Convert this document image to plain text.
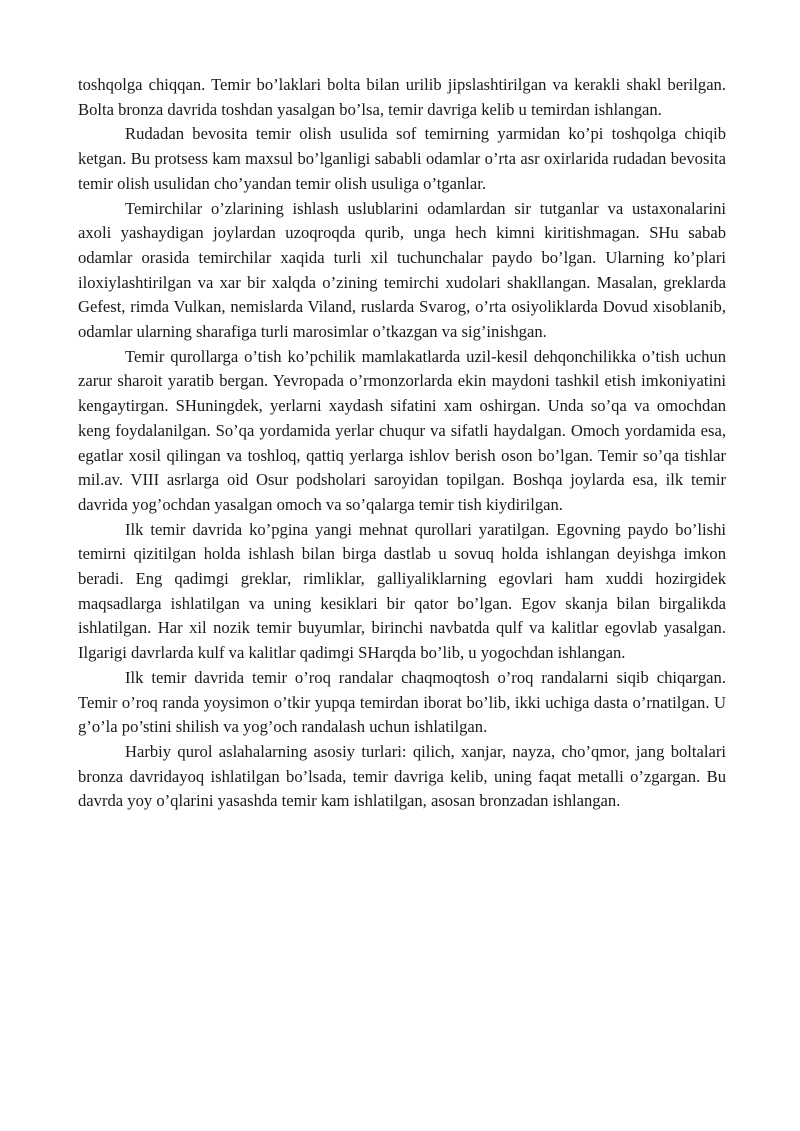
toshqolga chiqqan. Temir bo’laklari bolta bilan urilib jipslashtirilgan va kerakli shakl berilgan. Bolta bronza davrida toshdan yasalgan bo’lsa, temir davriga kelib u temirdan ishlangan.

Rudadan bevosita temir olish usulida sof temirning yarmidan ko’pi toshqolga chiqib ketgan. Bu protsess kam maxsul bo’lganligi sababli odamlar o’rta asr oxirlarida rudadan bevosita temir olish usulidan cho’yandan temir olish usuliga o’tganlar.

Temirchilar o’zlarining ishlash uslublarini odamlardan sir tutganlar va ustaxonalarini axoli yashaydigan joylardan uzoqroqda qurib, unga hech kimni kiritishmagan. SHu sabab odamlar orasida temirchilar xaqida turli xil tuchunchalar paydo bo’lgan. Ularning ko’plari iloxiylashtirilgan va xar bir xalqda o’zining temirchi xudolari shakllangan. Masalan, greklarda Gefest, rimda Vulkan, nemislarda Viland, ruslarda Svarog, o’rta osiyoliklarda Dovud xisoblanib, odamlar ularning sharafiga turli marosimlar o’tkazgan va sig’inishgan.

Temir qurollarga o’tish ko’pchilik mamlakatlarda uzil-kesil dehqonchilikka o’tish uchun zarur sharoit yaratib bergan. Yevropada o’rmonzorlarda ekin maydoni tashkil etish imkoniyatini kengaytirgan. SHuningdek, yerlarni xaydash sifatini xam oshirgan. Unda so’qa va omochdan keng foydalanilgan. So’qa yordamida yerlar chuqur va sifatli haydalgan. Omoch yordamida esa, egatlar xosil qilingan va toshloq, qattiq yerlarga ishlov berish oson bo’lgan. Temir so’qa tishlar mil.av. VIII asrlarga oid Osur podsholari saroyidan topilgan. Boshqa joylarda esa, ilk temir davrida yog’ochdan yasalgan omoch va so’qalarga temir tish kiydirilgan.

Ilk temir davrida ko’pgina yangi mehnat qurollari yaratilgan. Egovning paydo bo’lishi temirni qizitilgan holda ishlash bilan birga dastlab u sovuq holda ishlangan deyishga imkon beradi. Eng qadimgi greklar, rimliklar, galliyaliklarning egovlari ham xuddi hozirgidek maqsadlarga ishlatilgan va uning kesiklari bir qator bo’lgan. Egov skanja bilan birgalikda ishlatilgan. Har xil nozik temir buyumlar, birinchi navbatda qulf va kalitlar egovlab yasalgan. Ilgarigi davrlarda kulf va kalitlar qadimgi SHarqda bo’lib, u yogochdan ishlangan.

Ilk temir davrida temir o’roq randalar chaqmoqtosh o’roq randalarni siqib chiqargan. Temir o’roq randa yoysimon o’tkir yupqa temirdan iborat bo’lib, ikki uchiga dasta o’rnatilgan. U g’o’la po’stini shilish va yog’och randalash uchun ishlatilgan.

Harbiy qurol aslahalarning asosiy turlari: qilich, xanjar, nayza, cho’qmor, jang boltalari bronza davridayoq ishlatilgan bo’lsada, temir davriga kelib, uning faqat metalli o’zgargan. Bu davrda yoy o’qlarini yasashda temir kam ishlatilgan, asosan bronzadan ishlangan.
